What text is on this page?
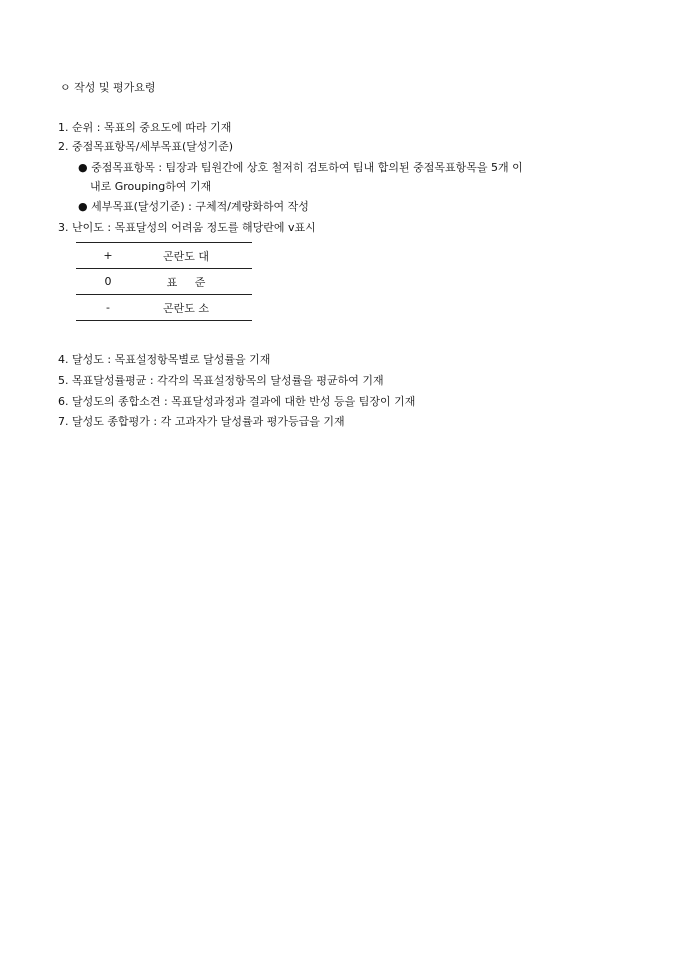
ㅇ 작성 및 평가요령
1. 순위 : 목표의 중요도에 따라 기재
2. 중점목표항목/세부목표(달성기준)
● 중점목표항목 : 팀장과 팀원간에 상호 철저히 검토하여 팀내 합의된 중점목표항목을 5개 이
내로 Grouping하여 기재
● 세부목표(달성기준) : 구체적/계량화하여 작성
3. 난이도 : 목표달성의 어려움 정도를 해당란에 v표시
+	곤란도 대
0	표     준
-	곤란도 소
4. 달성도 : 목표설정항목별로 달성률을 기재
5. 목표달성률평균 : 각각의 목표설정항목의 달성률을 평균하여 기재
6. 달성도의 종합소견 : 목표달성과정과 결과에 대한 반성 등을 팀장이 기재
7. 달성도 종합평가 : 각 고과자가 달성률과 평가등급을 기재
